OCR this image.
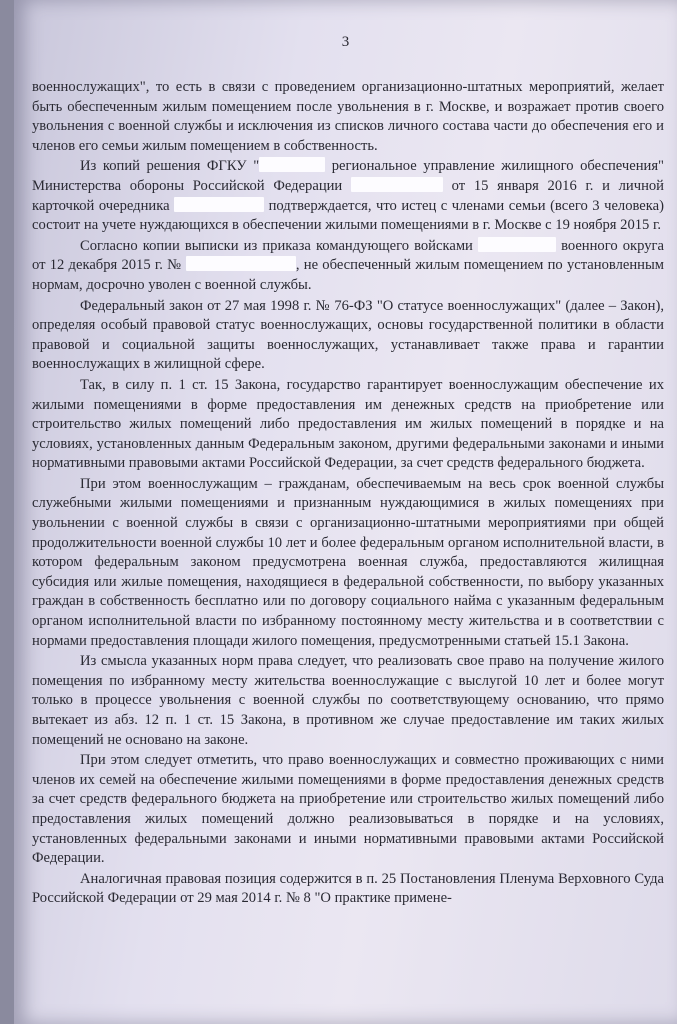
3

военнослужащих", то есть в связи с проведением организационно-штатных мероприятий, желает быть обеспеченным жилым помещением после увольнения в г. Москве, и возражает против своего увольнения с военной службы и исключения из списков личного состава части до обеспечения его и членов его семьи жилым помещением в собственность.

Из копий решения ФГКУ "	региональное управление жилищного обеспечения" Министерства обороны Российской Федерации	от 15 января 2016 г. и личной карточкой очередника	подтверждается, что истец с членами семьи (всего 3 человека) состоит на учете нуждающихся в обеспечении жилыми помещениями в г. Москве с 19 ноября 2015 г.

Согласно копии выписки из приказа командующего войсками	военного округа от 12 декабря 2015 г. №	, не обеспеченный жилым помещением по установленным нормам, досрочно уволен с военной службы.

Федеральный закон от 27 мая 1998 г. № 76-ФЗ "О статусе военнослужащих" (далее – Закон), определяя особый правовой статус военнослужащих, основы государственной политики в области правовой и социальной защиты военнослужащих, устанавливает также права и гарантии военнослужащих в жилищной сфере.

Так, в силу п. 1 ст. 15 Закона, государство гарантирует военнослужащим обеспечение их жилыми помещениями в форме предоставления им денежных средств на приобретение или строительство жилых помещений либо предоставления им жилых помещений в порядке и на условиях, установленных данным Федеральным законом, другими федеральными законами и иными нормативными правовыми актами Российской Федерации, за счет средств федерального бюджета.

При этом военнослужащим – гражданам, обеспечиваемым на весь срок военной службы служебными жилыми помещениями и признанным нуждающимися в жилых помещениях при увольнении с военной службы в связи с организационно-штатными мероприятиями при общей продолжительности военной службы 10 лет и более федеральным органом исполнительной власти, в котором федеральным законом предусмотрена военная служба, предоставляются жилищная субсидия или жилые помещения, находящиеся в федеральной собственности, по выбору указанных граждан в собственность бесплатно или по договору социального найма с указанным федеральным органом исполнительной власти по избранному постоянному месту жительства и в соответствии с нормами предоставления площади жилого помещения, предусмотренными статьей 15.1 Закона.

Из смысла указанных норм права следует, что реализовать свое право на получение жилого помещения по избранному месту жительства военнослужащие с выслугой 10 лет и более могут только в процессе увольнения с военной службы по соответствующему основанию, что прямо вытекает из абз. 12 п. 1 ст. 15 Закона, в противном же случае предоставление им таких жилых помещений не основано на законе.

При этом следует отметить, что право военнослужащих и совместно проживающих с ними членов их семей на обеспечение жилыми помещениями в форме предоставления денежных средств за счет средств федерального бюджета на приобретение или строительство жилых помещений либо предоставления жилых помещений должно реализовываться в порядке и на условиях, установленных федеральными законами и иными нормативными правовыми актами Российской Федерации.

Аналогичная правовая позиция содержится в п. 25 Постановления Пленума Верховного Суда Российской Федерации от 29 мая 2014 г. № 8 "О практике примене-
